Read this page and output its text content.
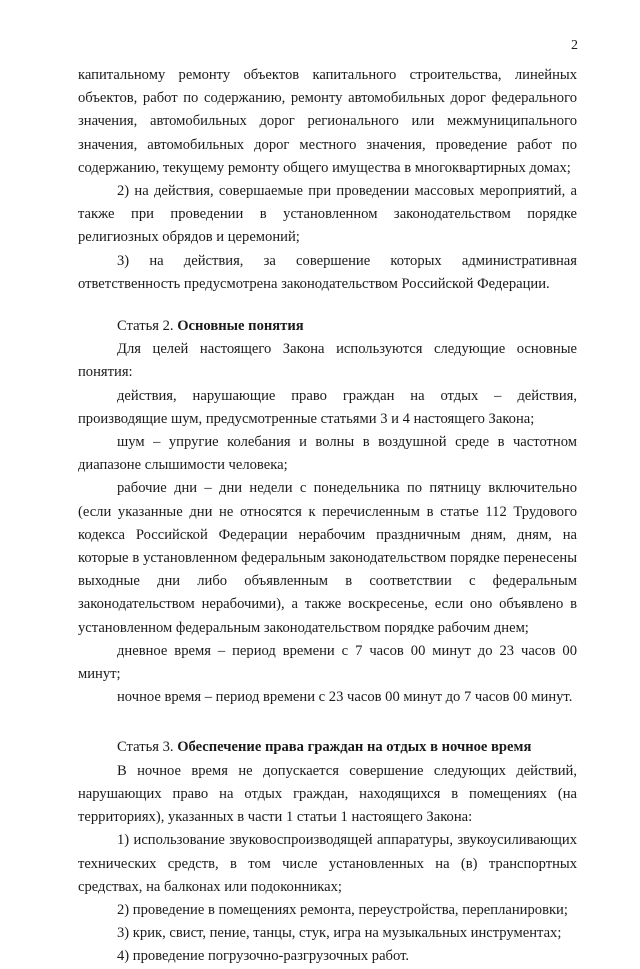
2

капитальному ремонту объектов капитального строительства, линейных объектов, работ по содержанию, ремонту автомобильных дорог федерального значения, автомобильных дорог регионального или межмуниципального значения, автомобильных дорог местного значения, проведение работ по содержанию, текущему ремонту общего имущества в многоквартирных домах;

2) на действия, совершаемые при проведении массовых мероприятий, а также при проведении в установленном законодательством порядке религиозных обрядов и церемоний;

3) на действия, за совершение которых административная ответственность предусмотрена законодательством Российской Федерации.

Статья 2. Основные понятия

Для целей настоящего Закона используются следующие основные понятия:

действия, нарушающие право граждан на отдых – действия, производящие шум, предусмотренные статьями 3 и 4 настоящего Закона;

шум – упругие колебания и волны в воздушной среде в частотном диапазоне слышимости человека;

рабочие дни – дни недели с понедельника по пятницу включительно (если указанные дни не относятся к перечисленным в статье 112 Трудового кодекса Российской Федерации нерабочим праздничным дням, дням, на которые в установленном федеральным законодательством порядке перенесены выходные дни либо объявленным в соответствии с федеральным законодательством нерабочими), а также воскресенье, если оно объявлено в установленном федеральным законодательством порядке рабочим днем;

дневное время – период времени с 7 часов 00 минут до 23 часов 00 минут;

ночное время – период времени с 23 часов 00 минут до 7 часов 00 минут.

Статья 3. Обеспечение права граждан на отдых в ночное время

В ночное время не допускается совершение следующих действий, нарушающих право на отдых граждан, находящихся в помещениях (на территориях), указанных в части 1 статьи 1 настоящего Закона:

1) использование звуковоспроизводящей аппаратуры, звукоусиливающих технических средств, в том числе установленных на (в) транспортных средствах, на балконах или подоконниках;

2) проведение в помещениях ремонта, переустройства, перепланировки;

3) крик, свист, пение, танцы, стук, игра на музыкальных инструментах;

4) проведение погрузочно-разгрузочных работ.
